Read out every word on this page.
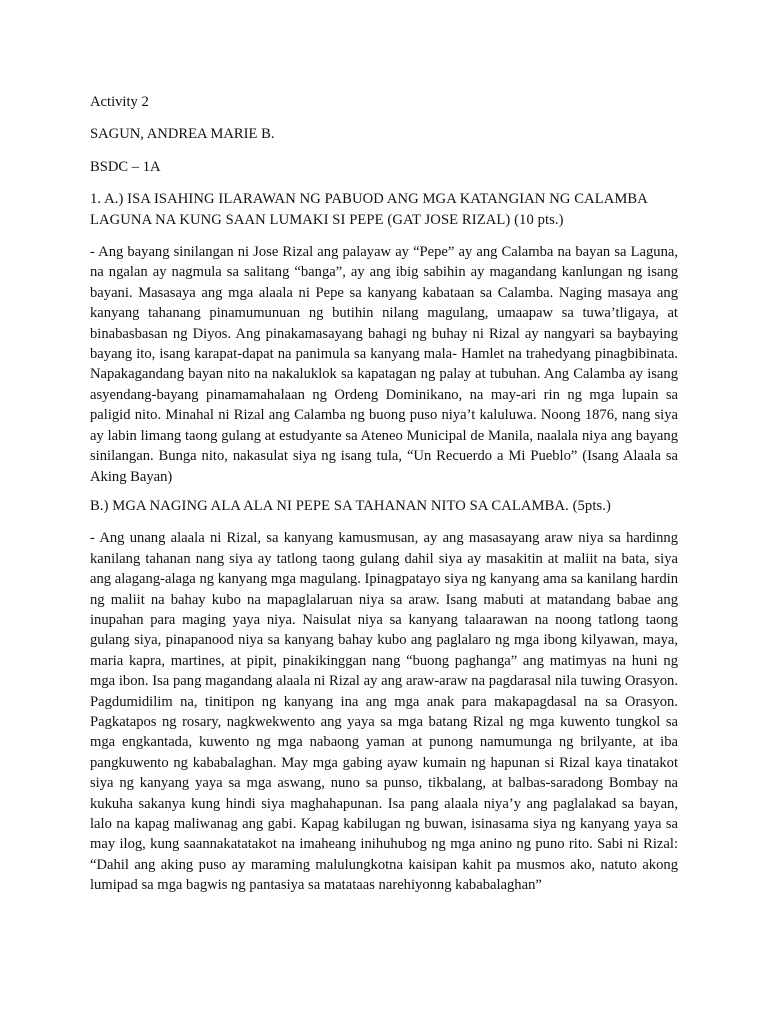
Activity 2
SAGUN, ANDREA MARIE B.
BSDC – 1A
1. A.) ISA ISAHING ILARAWAN NG PABUOD ANG MGA KATANGIAN NG CALAMBA LAGUNA NA KUNG SAAN LUMAKI SI PEPE (GAT JOSE RIZAL) (10 pts.)
- Ang bayang sinilangan ni Jose Rizal ang palayaw ay “Pepe” ay ang Calamba na bayan sa Laguna, na ngalan ay nagmula sa salitang “banga”, ay ang ibig sabihin ay magandang kanlungan ng isang bayani. Masasaya ang mga alaala ni Pepe sa kanyang kabataan sa Calamba. Naging masaya ang kanyang tahanang pinamumunuan ng butihin nilang magulang, umaapaw sa tuwa’tligaya, at binabasbasan ng Diyos. Ang pinakamasayang bahagi ng buhay ni Rizal ay nangyari sa baybaying bayang ito, isang karapat-dapat na panimula sa kanyang mala- Hamlet na trahedyang pinagbibinata. Napakagandang bayan nito na nakaluklok sa kapatagan ng palay at tubuhan. Ang Calamba ay isang asyendang-bayang pinamamahalaan ng Ordeng Dominikano, na may-ari rin ng mga lupain sa paligid nito. Minahal ni Rizal ang Calamba ng buong puso niya’t kaluluwa. Noong 1876, nang siya ay labin limang taong gulang at estudyante sa Ateneo Municipal de Manila, naalala niya ang bayang sinilangan. Bunga nito, nakasulat siya ng isang tula, “Un Recuerdo a Mi Pueblo” (Isang Alaala sa Aking Bayan)
B.) MGA NAGING ALA ALA NI PEPE SA TAHANAN NITO SA CALAMBA. (5pts.)
- Ang unang alaala ni Rizal, sa kanyang kamusmusan, ay ang masasayang araw niya sa hardinng kanilang tahanan nang siya ay tatlong taong gulang dahil siya ay masakitin at maliit na bata, siya ang alagang-alaga ng kanyang mga magulang. Ipinagpatayo siya ng kanyang ama sa kanilang hardin ng maliit na bahay kubo na mapaglalaruan niya sa araw. Isang mabuti at matandang babae ang inupahan para maging yaya niya. Naisulat niya sa kanyang talaarawan na noong tatlong taong gulang siya, pinapanood niya sa kanyang bahay kubo ang paglalaro ng mga ibong kilyawan, maya, maria kapra, martines, at pipit, pinakikinggan nang “buong paghanga” ang matimyas na huni ng mga ibon. Isa pang magandang alaala ni Rizal ay ang araw-araw na pagdarasal nila tuwing Orasyon. Pagdumidilim na, tinitipon ng kanyang ina ang mga anak para makapagdasal na sa Orasyon. Pagkatapos ng rosary, nagkwekwento ang yaya sa mga batang Rizal ng mga kuwento tungkol sa mga engkantada, kuwento ng mga nabaong yaman at punong namumunga ng brilyante, at iba pangkuwento ng kababalaghan. May mga gabing ayaw kumain ng hapunan si Rizal kaya tinatakot siya ng kanyang yaya sa mga aswang, nuno sa punso, tikbalang, at balbas-saradong Bombay na kukuha sakanya kung hindi siya maghahapunan. Isa pang alaala niya’y ang paglalakad sa bayan, lalo na kapag maliwanag ang gabi. Kapag kabilugan ng buwan, isinasama siya ng kanyang yaya sa may ilog, kung saannakatatakot na imaheang inihuhubog ng mga anino ng puno rito. Sabi ni Rizal: “Dahil ang aking puso ay maraming malulungkotna kaisipan kahit pa musmos ako, natuto akong lumipad sa mga bagwis ng pantasiya sa matataas narehiyonng kababalaghan”
